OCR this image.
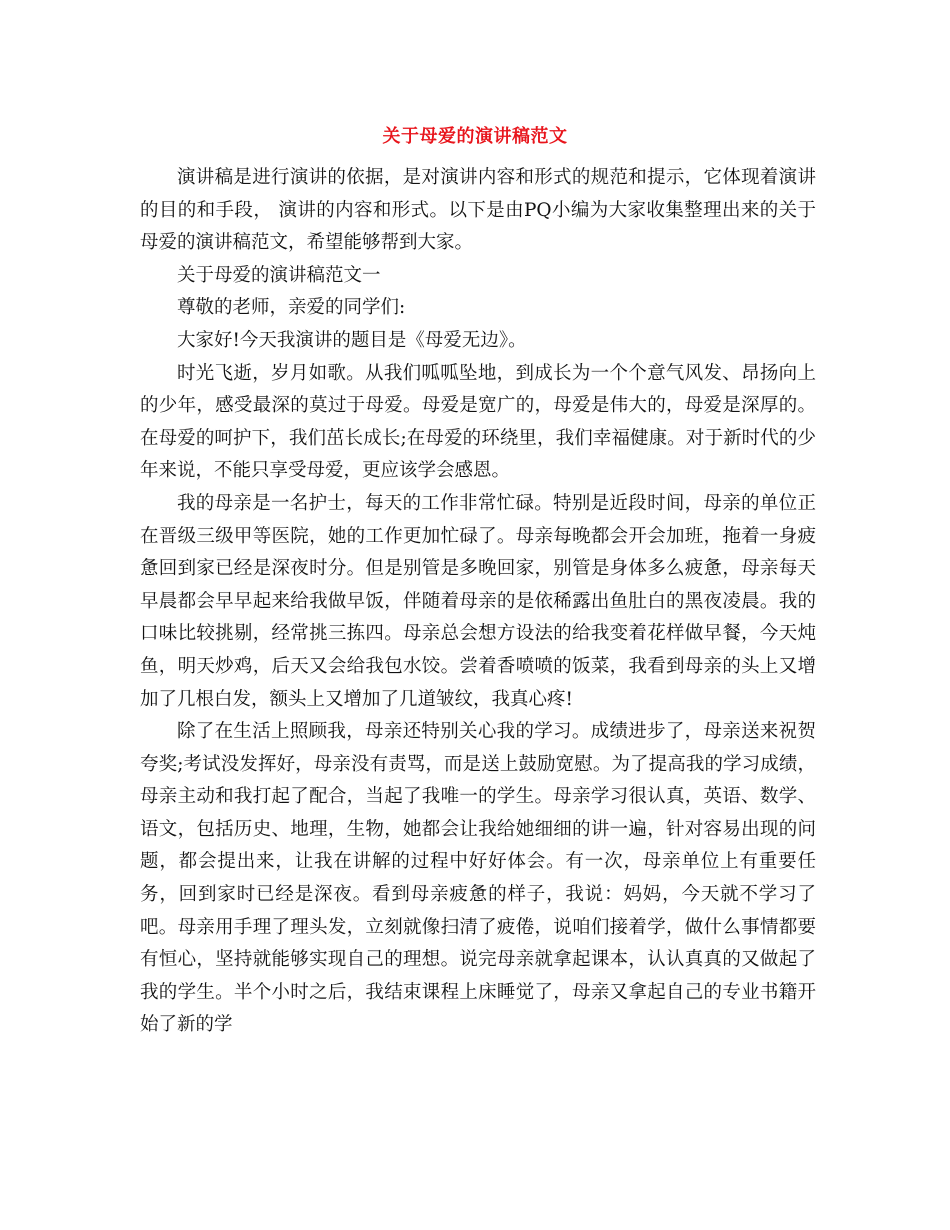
关于母爱的演讲稿范文

演讲稿是进行演讲的依据，是对演讲内容和形式的规范和提示，它体现着演讲的目的和手段， 演讲的内容和形式。以下是由PQ小编为大家收集整理出来的关于母爱的演讲稿范文，希望能够帮到大家。

关于母爱的演讲稿范文一

尊敬的老师，亲爱的同学们:

大家好!今天我演讲的题目是《母爱无边》。

时光飞逝，岁月如歌。从我们呱呱坠地，到成长为一个个意气风发、昂扬向上的少年，感受最深的莫过于母爱。母爱是宽广的，母爱是伟大的，母爱是深厚的。在母爱的呵护下，我们茁长成长;在母爱的环绕里，我们幸福健康。对于新时代的少年来说，不能只享受母爱，更应该学会感恩。

我的母亲是一名护士，每天的工作非常忙碌。特别是近段时间，母亲的单位正在晋级三级甲等医院，她的工作更加忙碌了。母亲每晚都会开会加班，拖着一身疲惫回到家已经是深夜时分。但是别管是多晚回家，别管是身体多么疲惫，母亲每天早晨都会早早起来给我做早饭，伴随着母亲的是依稀露出鱼肚白的黑夜凌晨。我的口味比较挑剔，经常挑三拣四。母亲总会想方设法的给我变着花样做早餐，今天炖鱼，明天炒鸡，后天又会给我包水饺。尝着香喷喷的饭菜，我看到母亲的头上又增加了几根白发，额头上又增加了几道皱纹，我真心疼!

除了在生活上照顾我，母亲还特别关心我的学习。成绩进步了，母亲送来祝贺夸奖;考试没发挥好，母亲没有责骂，而是送上鼓励宽慰。为了提高我的学习成绩，母亲主动和我打起了配合，当起了我唯一的学生。母亲学习很认真，英语、数学、语文，包括历史、地理，生物，她都会让我给她细细的讲一遍，针对容易出现的问题，都会提出来，让我在讲解的过程中好好体会。有一次，母亲单位上有重要任务，回到家时已经是深夜。看到母亲疲惫的样子，我说：妈妈，今天就不学习了吧。母亲用手理了理头发，立刻就像扫清了疲倦，说咱们接着学，做什么事情都要有恒心，坚持就能够实现自己的理想。说完母亲就拿起课本，认认真真的又做起了我的学生。半个小时之后，我结束课程上床睡觉了，母亲又拿起自己的专业书籍开始了新的学
